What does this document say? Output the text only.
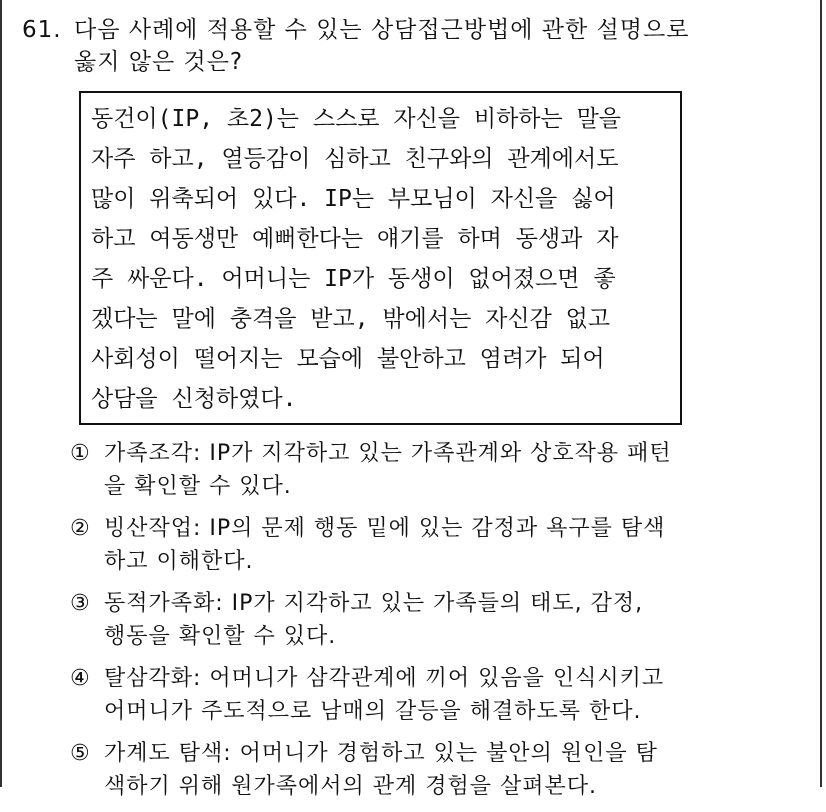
61. 다음 사례에 적용할 수 있는 상담접근방법에 관한 설명으로
옳지 않은 것은?
동건이(IP, 초2)는 스스로 자신을 비하하는 말을
자주 하고, 열등감이 심하고 친구와의 관계에서도
많이 위축되어 있다. IP는 부모님이 자신을 싫어
하고 여동생만 예뻐한다는 얘기를 하며 동생과 자
주 싸운다. 어머니는 IP가 동생이 없어졌으면 좋
겠다는 말에 충격을 받고, 밖에서는 자신감 없고
사회성이 떨어지는 모습에 불안하고 염려가 되어
상담을 신청하였다.
① 가족조각: IP가 지각하고 있는 가족관계와 상호작용 패턴
을 확인할 수 있다.
② 빙산작업: IP의 문제 행동 밑에 있는 감정과 욕구를 탐색
하고 이해한다.
③ 동적가족화: IP가 지각하고 있는 가족들의 태도, 감정,
행동을 확인할 수 있다.
④ 탈삼각화: 어머니가 삼각관계에 끼어 있음을 인식시키고
어머니가 주도적으로 남매의 갈등을 해결하도록 한다.
⑤ 가계도 탐색: 어머니가 경험하고 있는 불안의 원인을 탐
색하기 위해 원가족에서의 관계 경험을 살펴본다.
